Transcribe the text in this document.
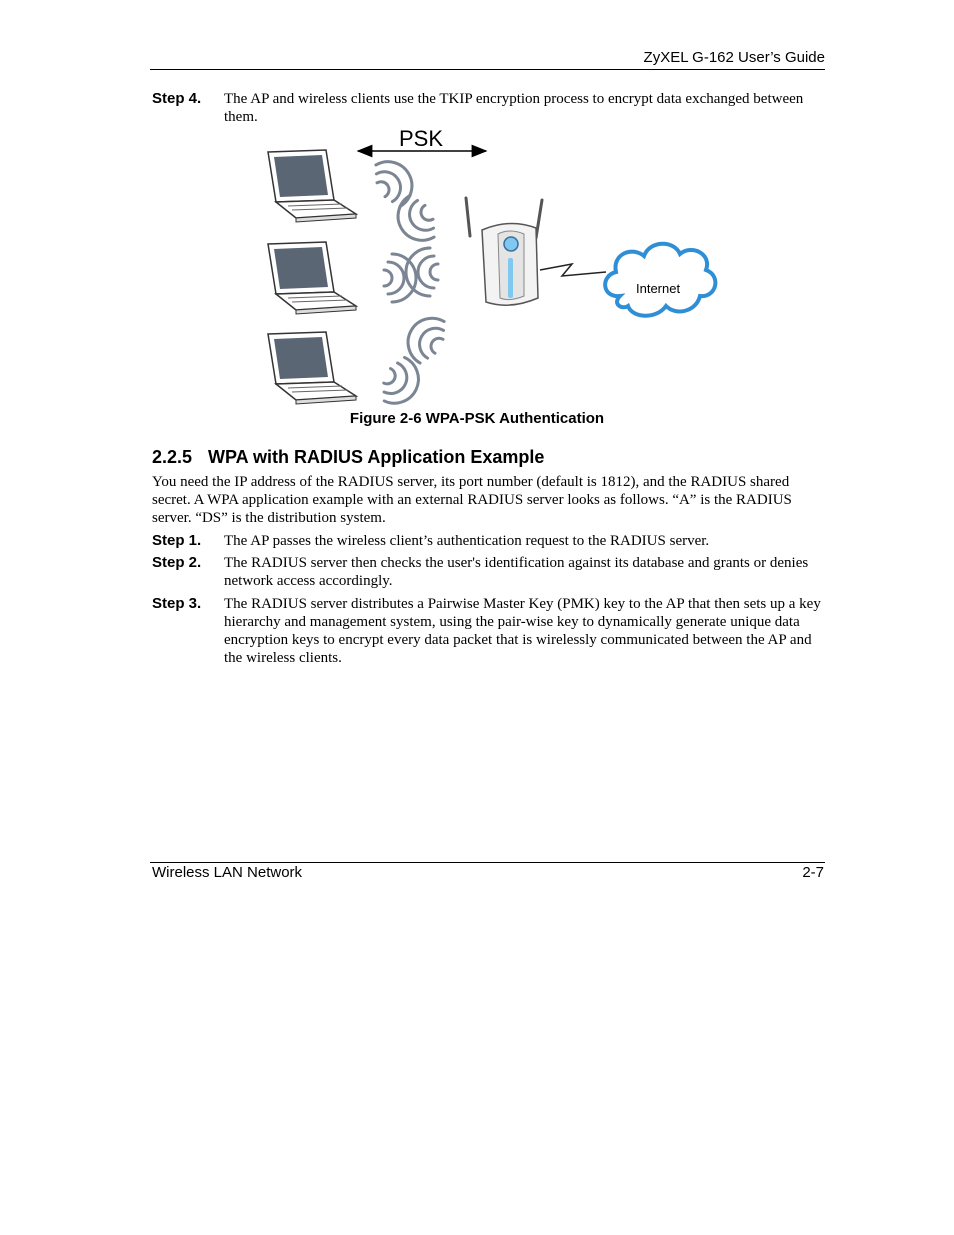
ZyXEL G-162 User’s Guide
Step 4. The AP and wireless clients use the TKIP encryption process to encrypt data exchanged between them.
PSK
Internet
Figure 2-6 WPA-PSK Authentication
2.2.5 WPA with RADIUS Application Example
You need the IP address of the RADIUS server, its port number (default is 1812), and the RADIUS shared secret. A WPA application example with an external RADIUS server looks as follows. “A” is the RADIUS server. “DS” is the distribution system.
Step 1. The AP passes the wireless client’s authentication request to the RADIUS server.
Step 2. The RADIUS server then checks the user's identification against its database and grants or denies network access accordingly.
Step 3. The RADIUS server distributes a Pairwise Master Key (PMK) key to the AP that then sets up a key hierarchy and management system, using the pair-wise key to dynamically generate unique data encryption keys to encrypt every data packet that is wirelessly communicated between the AP and the wireless clients.
Wireless LAN Network	2-7
